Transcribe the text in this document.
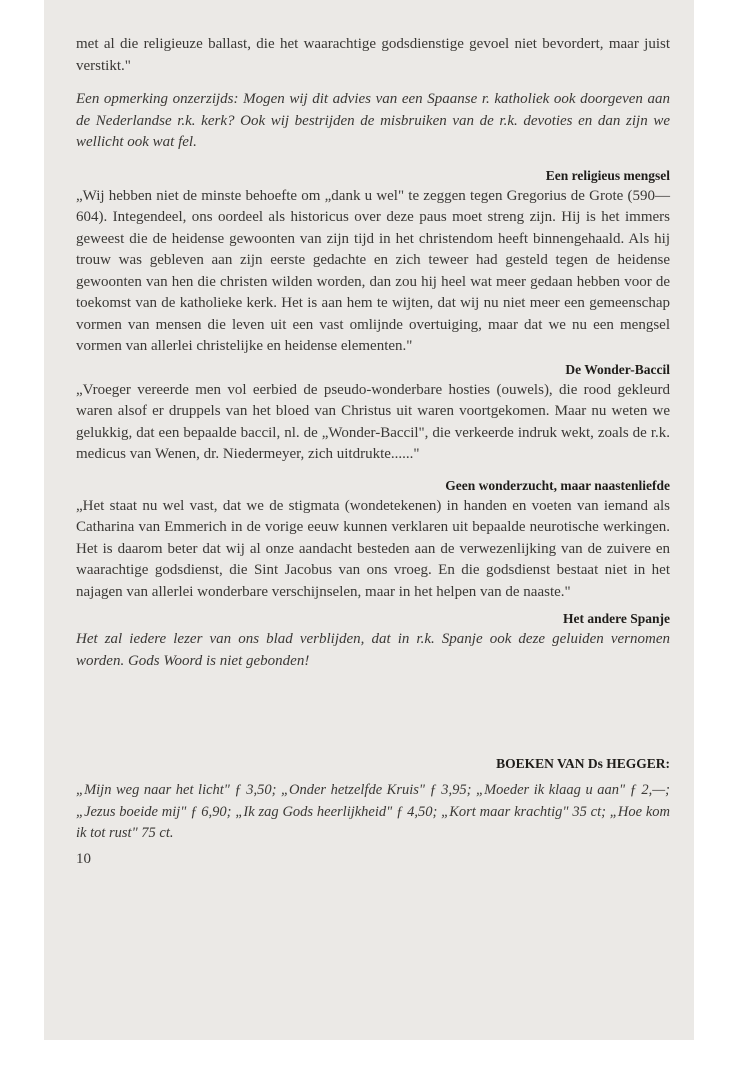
met al die religieuze ballast, die het waarachtige godsdienstige gevoel niet bevordert, maar juist verstikt."

Een opmerking onzerzijds: Mogen wij dit advies van een Spaanse r. katholiek ook doorgeven aan de Nederlandse r.k. kerk? Ook wij bestrijden de misbruiken van de r.k. devoties en dan zijn we wellicht ook wat fel.

Een religieus mengsel

„Wij hebben niet de minste behoefte om „dank u wel" te zeggen tegen Gregorius de Grote (590—604). Integendeel, ons oordeel als historicus over deze paus moet streng zijn. Hij is het immers geweest die de heidense gewoonten van zijn tijd in het christendom heeft binnengehaald. Als hij trouw was gebleven aan zijn eerste gedachte en zich teweer had gesteld tegen de heidense gewoonten van hen die christen wilden worden, dan zou hij heel wat meer gedaan hebben voor de toekomst van de katholieke kerk. Het is aan hem te wijten, dat wij nu niet meer een gemeenschap vormen van mensen die leven uit een vast omlijnde overtuiging, maar dat we nu een mengsel vormen van allerlei christelijke en heidense elementen."

De Wonder-Baccil

„Vroeger vereerde men vol eerbied de pseudo-wonderbare hosties (ouwels), die rood gekleurd waren alsof er druppels van het bloed van Christus uit waren voortgekomen. Maar nu weten we gelukkig, dat een bepaalde baccil, nl. de „Wonder-Baccil", die verkeerde indruk wekt, zoals de r.k. medicus van Wenen, dr. Niedermeyer, zich uitdrukte......"

Geen wonderzucht, maar naastenliefde

„Het staat nu wel vast, dat we de stigmata (wondetekenen) in handen en voeten van iemand als Catharina van Emmerich in de vorige eeuw kunnen verklaren uit bepaalde neurotische werkingen. Het is daarom beter dat wij al onze aandacht besteden aan de verwezenlijking van de zuivere en waarachtige godsdienst, die Sint Jacobus van ons vroeg. En die godsdienst bestaat niet in het najagen van allerlei wonderbare verschijnselen, maar in het helpen van de naaste."

Het andere Spanje

Het zal iedere lezer van ons blad verblijden, dat in r.k. Spanje ook deze geluiden vernomen worden. Gods Woord is niet gebonden!

BOEKEN VAN Ds HEGGER:

„Mijn weg naar het licht" ƒ 3,50; „Onder hetzelfde Kruis" ƒ 3,95; „Moeder ik klaag u aan" ƒ 2,—; „Jezus boeide mij" ƒ 6,90; „Ik zag Gods heerlijkheid" ƒ 4,50; „Kort maar krachtig" 35 ct; „Hoe kom ik tot rust" 75 ct.

10
